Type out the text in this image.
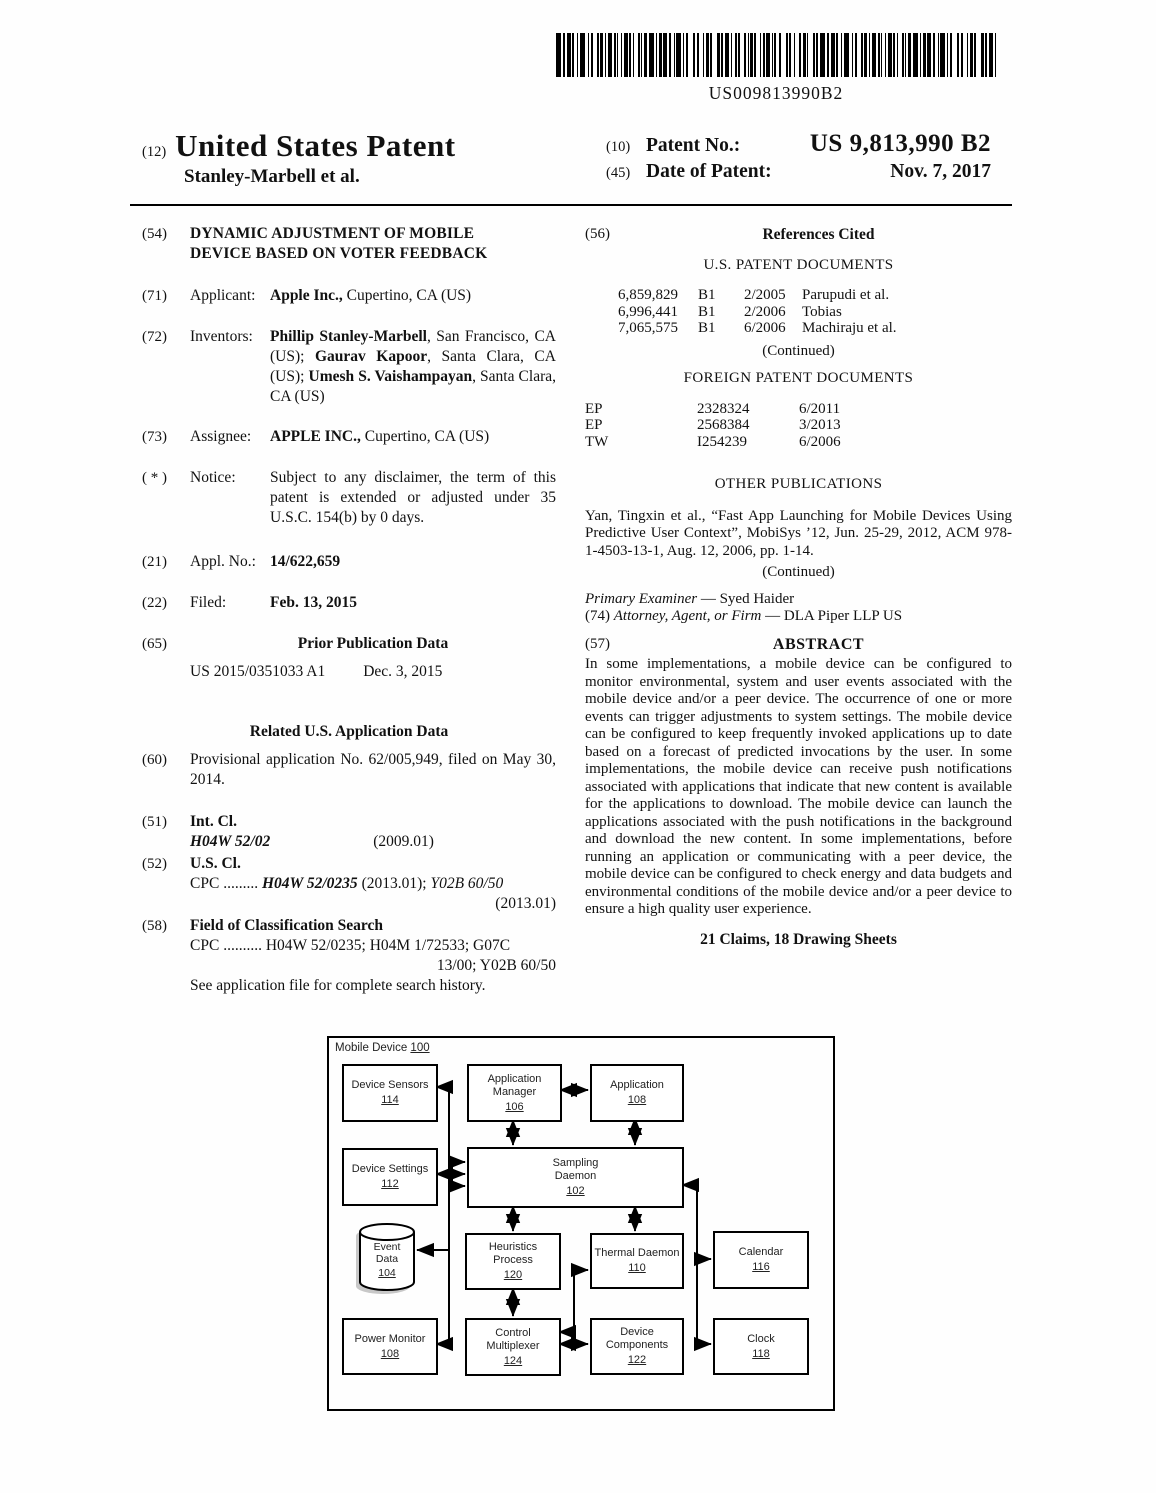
US009813990B2
(12) United States Patent
Stanley-Marbell et al.
(10) Patent No.:	US 9,813,990 B2
(45) Date of Patent:	Nov. 7, 2017
(54)	DYNAMIC ADJUSTMENT OF MOBILE DEVICE BASED ON VOTER FEEDBACK
(71)	Applicant: Apple Inc., Cupertino, CA (US)
(72)	Inventors:	Phillip Stanley-Marbell, San Francisco, CA (US); Gaurav Kapoor, Santa Clara, CA (US); Umesh S. Vaishampayan, Santa Clara, CA (US)
(73)	Assignee:	APPLE INC., Cupertino, CA (US)
( * )	Notice:	Subject to any disclaimer, the term of this patent is extended or adjusted under 35 U.S.C. 154(b) by 0 days.
(21)	Appl. No.: 14/622,659
(22)	Filed:	Feb. 13, 2015
(65)	Prior Publication Data
US 2015/0351033 A1 Dec. 3, 2015
Related U.S. Application Data
(60)	Provisional application No. 62/005,949, filed on May 30, 2014.
(51)	Int. Cl.
H04W 52/02	(2009.01)
(52)	U.S. Cl.
CPC ......... H04W 52/0235 (2013.01); Y02B 60/50
(2013.01)
(58)	Field of Classification Search
CPC .......... H04W 52/0235; H04M 1/72533; G07C
13/00; Y02B 60/50
See application file for complete search history.
(56)	References Cited
U.S. PATENT DOCUMENTS
6,859,829	B1	2/2005	Parupudi et al.
6,996,441	B1	2/2006	Tobias
7,065,575	B1	6/2006	Machiraju et al.
(Continued)
FOREIGN PATENT DOCUMENTS
EP	2328324	6/2011
EP	2568384	3/2013
TW	I254239	6/2006
OTHER PUBLICATIONS
Yan, Tingxin et al., “Fast App Launching for Mobile Devices Using Predictive User Context”, MobiSys ’12, Jun. 25-29, 2012, ACM 978-1-4503-13-1, Aug. 12, 2006, pp. 1-14.
(Continued)
Primary Examiner — Syed Haider
(74) Attorney, Agent, or Firm — DLA Piper LLP US
(57)	ABSTRACT
In some implementations, a mobile device can be configured to monitor environmental, system and user events associated with the mobile device and/or a peer device. The occurrence of one or more events can trigger adjustments to system settings. The mobile device can be configured to keep frequently invoked applications up to date based on a forecast of predicted invocations by the user. In some implementations, the mobile device can receive push notifications associated with applications that indicate that new content is available for the applications to download. The mobile device can launch the applications associated with the push notifications in the background and download the new content. In some implementations, before running an application or communicating with a peer device, the mobile device can be configured to check energy and data budgets and environmental conditions of the mobile device and/or a peer device to ensure a high quality user experience.
21 Claims, 18 Drawing Sheets
Mobile Device 100
Device Sensors
114
Application
Manager
106
Application
108
Device Settings
112
Sampling
Daemon
102
Event
Data
104
Heuristics
Process
120
Thermal Daemon
110
Calendar
116
Power Monitor
108
Control
Multiplexer
124
Device
Components
122
Clock
118
